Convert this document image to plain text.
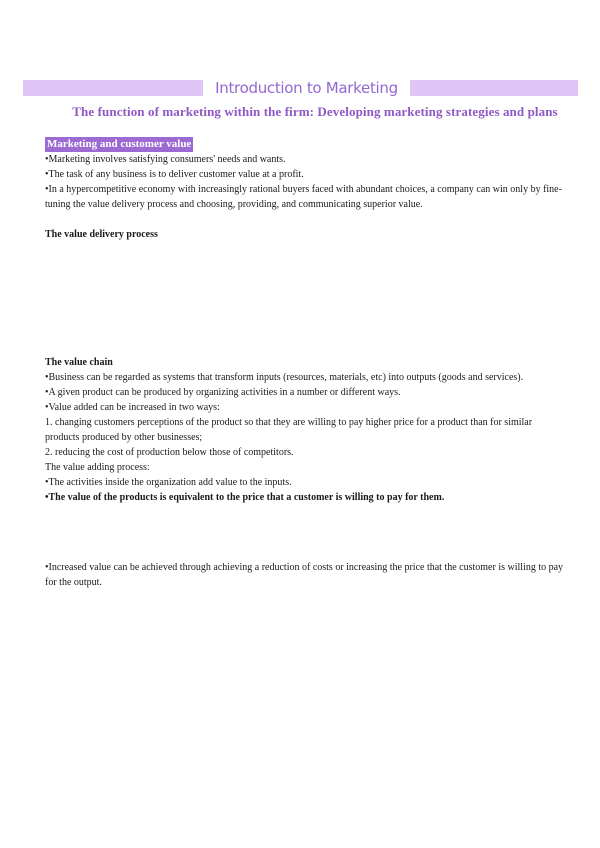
Introduction to Marketing
The function of marketing within the firm: Developing marketing strategies and plans
Marketing and customer value

•Marketing involves satisfying consumers' needs and wants.

•The task of any business is to deliver customer value at a profit.

•In a hypercompetitive economy with increasingly rational buyers faced with abundant choices, a company can win only by fine-tuning the value delivery process and choosing, providing, and communicating superior value.

The value delivery process

The value chain

•Business can be regarded as systems that transform inputs (resources, materials, etc) into outputs (goods and services).

•A given product can be produced by organizing activities in a number or different ways.

•Value added can be increased in two ways:

1. changing customers perceptions of the product so that they are willing to pay higher price for a product than for similar products produced by other businesses;

2. reducing the cost of production below those of competitors.

The value adding process:

•The activities inside the organization add value to the inputs.

•The value of the products is equivalent to the price that a customer is willing to pay for them.

•Increased value can be achieved through achieving a reduction of costs or increasing the price that the customer is willing to pay for the output.
